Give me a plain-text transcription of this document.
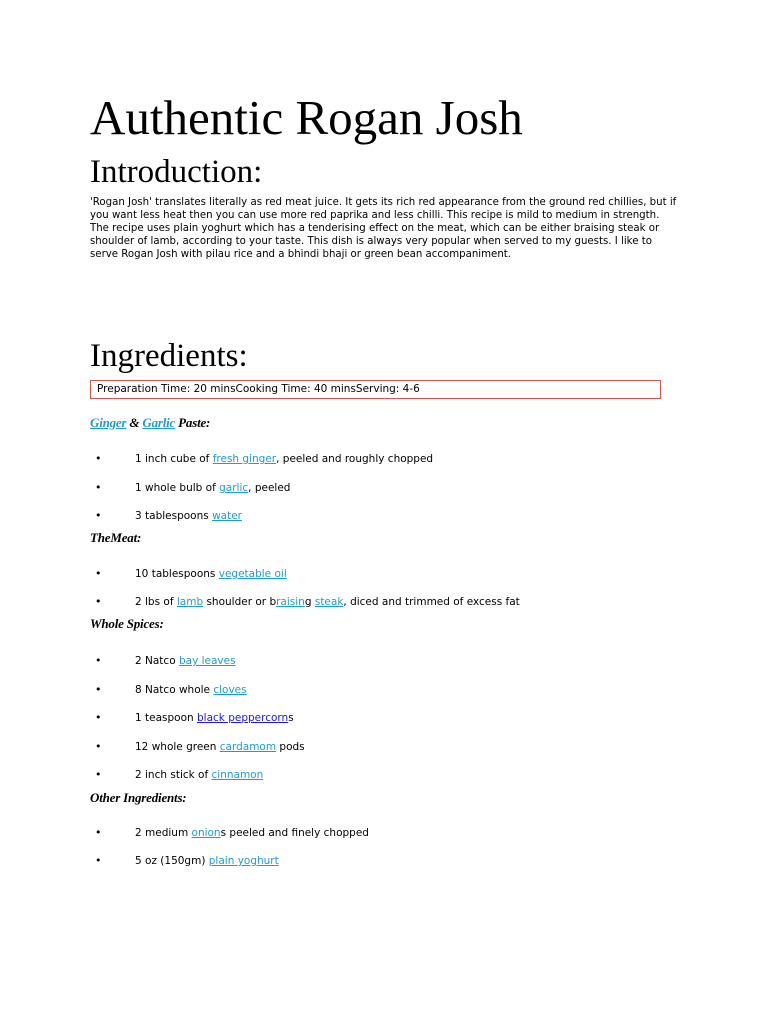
Authentic Rogan Josh
Introduction:

'Rogan Josh' translates literally as red meat juice. It gets its rich red appearance from the ground red chillies, but if you want less heat then you can use more red paprika and less chilli. This recipe is mild to medium in strength. The recipe uses plain yoghurt which has a tenderising effect on the meat, which can be either braising steak or shoulder of lamb, according to your taste. This dish is always very popular when served to my guests. I like to serve Rogan Josh with pilau rice and a bhindi bhaji or green bean accompaniment.

Ingredients:
Preparation Time: 20 minsCooking Time: 40 minsServing: 4-6
Ginger & Garlic Paste:
•	1 inch cube of fresh ginger, peeled and roughly chopped
•	1 whole bulb of garlic, peeled
•	3 tablespoons water
TheMeat:
•	10 tablespoons vegetable oil
•	2 lbs of lamb shoulder or braising steak, diced and trimmed of excess fat
Whole Spices:
•	2 Natco bay leaves
•	8 Natco whole cloves
•	1 teaspoon black peppercorns
•	12 whole green cardamom pods
•	2 inch stick of cinnamon
Other Ingredients:
•	2 medium onions peeled and finely chopped
•	5 oz (150gm) plain yoghurt
